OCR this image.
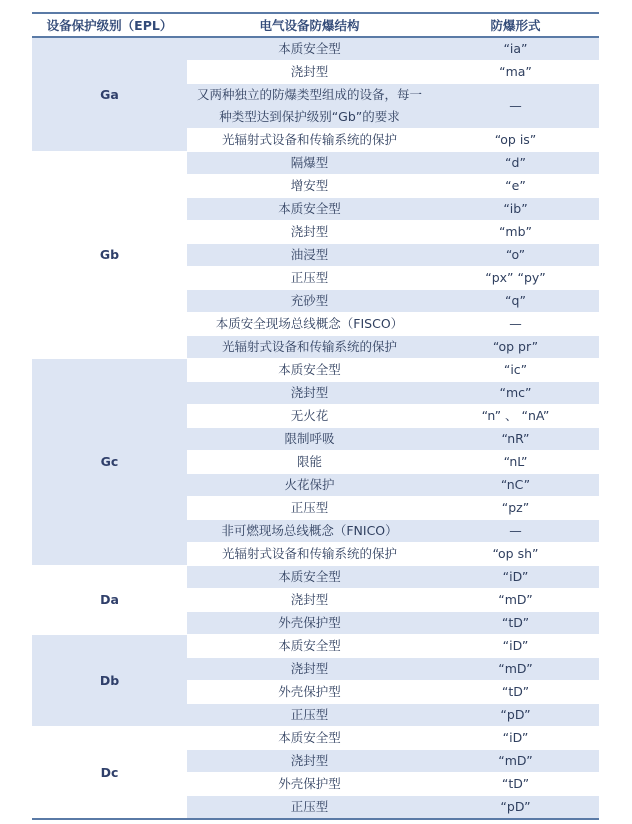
设备保护级别（EPL）	电气设备防爆结构	防爆形式
Ga	本质安全型	“ia”
	浇封型	“ma”
	又两种独立的防爆类型组成的设备，每一种类型达到保护级别“Gb”的要求	—
	光辐射式设备和传输系统的保护	“op is”
Gb	隔爆型	“d”
	增安型	“e”
	本质安全型	“ib”
	浇封型	“mb”
	油浸型	“o”
	正压型	“px” “py”
	充砂型	“q”
	本质安全现场总线概念（FISCO）	—
	光辐射式设备和传输系统的保护	“op pr”
Gc	本质安全型	“ic”
	浇封型	“mc”
	无火花	“n” 、 “nA”
	限制呼吸	“nR”
	限能	“nL”
	火花保护	“nC”
	正压型	“pz”
	非可燃现场总线概念（FNICO）	—
	光辐射式设备和传输系统的保护	“op sh”
Da	本质安全型	“iD”
	浇封型	“mD”
	外壳保护型	“tD”
Db	本质安全型	“iD”
	浇封型	“mD”
	外壳保护型	“tD”
	正压型	“pD”
Dc	本质安全型	“iD”
	浇封型	“mD”
	外壳保护型	“tD”
	正压型	“pD”
